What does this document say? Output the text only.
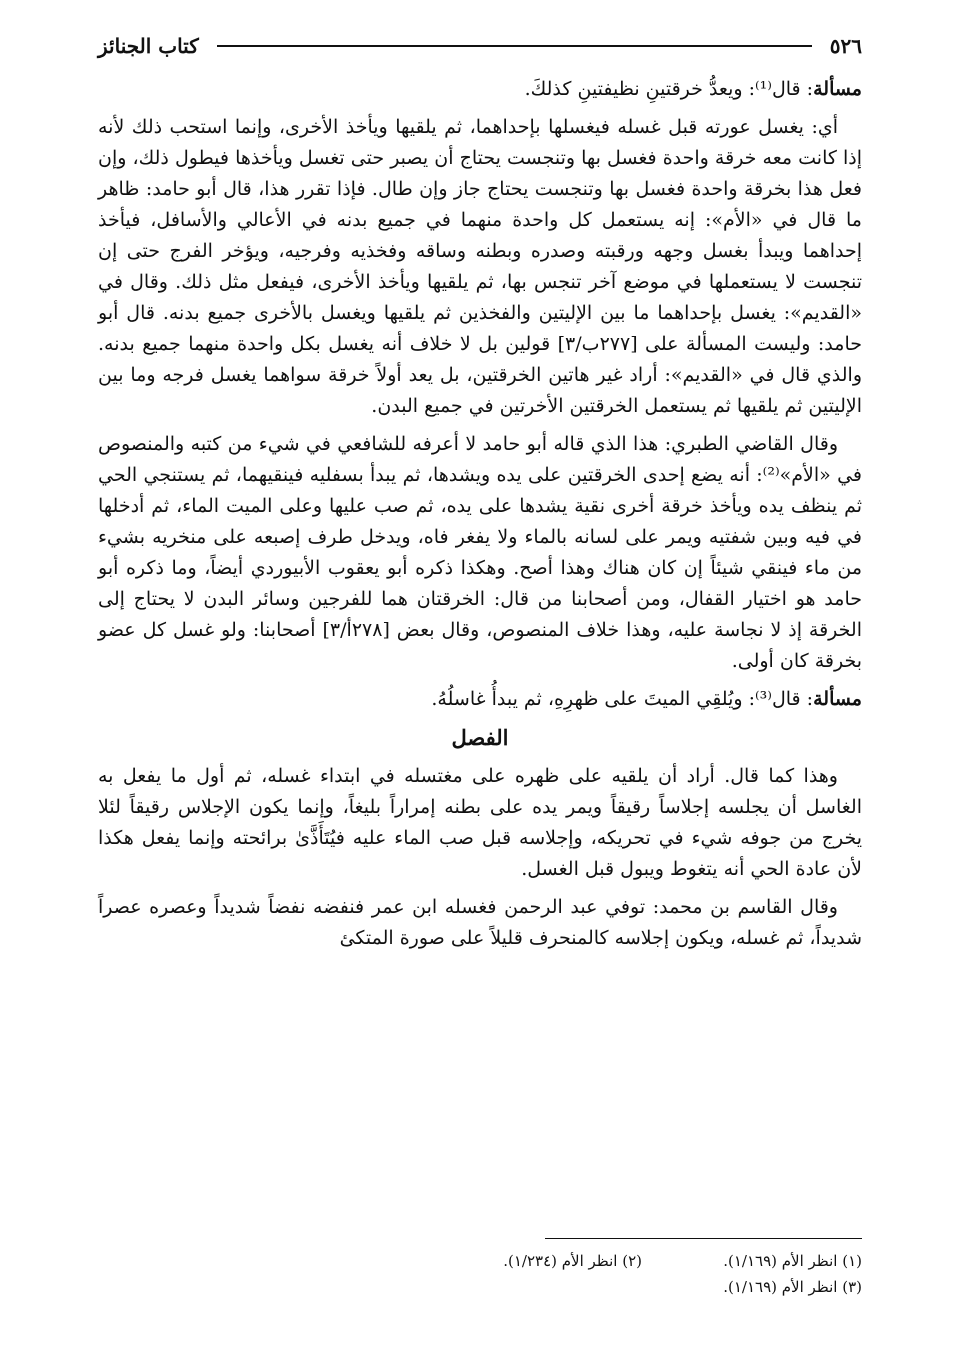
٥٢٦
كتاب الجنائز

مسألة: قال⁽¹⁾: ويعدُّ خرقتينِ نظيفتينِ كذلكَ.

أي: يغسل عورته قبل غسله فيغسلها بإحداهما، ثم يلقيها ويأخذ الأخرى، وإنما استحب ذلك لأنه إذا كانت معه خرقة واحدة فغسل بها وتنجست يحتاج أن يصبر حتى تغسل ويأخذها فيطول ذلك، وإن فعل هذا بخرقة واحدة فغسل بها وتنجست يحتاج جاز وإن طال. فإذا تقرر هذا، قال أبو حامد: ظاهر ما قال في «الأم»: إنه يستعمل كل واحدة منهما في جميع بدنه في الأعالي والأسافل، فيأخذ إحداهما ويبدأ بغسل وجهه ورقبته وصدره وبطنه وساقه وفخذيه وفرجيه، ويؤخر الفرج حتى إن تنجست لا يستعملها في موضع آخر تنجس بها، ثم يلقيها ويأخذ الأخرى، فيفعل مثل ذلك. وقال في «القديم»: يغسل بإحداهما ما بين الإليتين والفخذين ثم يلقيها ويغسل بالأخرى جميع بدنه. قال أبو حامد: وليست المسألة على [٢٧٧ب/٣] قولين بل لا خلاف أنه يغسل بكل واحدة منهما جميع بدنه. والذي قال في «القديم»: أراد غير هاتين الخرقتين، بل يعد أولاً خرقة سواهما يغسل فرجه وما بين الإليتين ثم يلقيها ثم يستعمل الخرقتين الأخرتين في جميع البدن.

وقال القاضي الطبري: هذا الذي قاله أبو حامد لا أعرفه للشافعي في شيء من كتبه والمنصوص في «الأم»⁽²⁾: أنه يضع إحدى الخرقتين على يده ويشدها، ثم يبدأ بسفليه فينقيهما، ثم يستنجي الحي ثم ينظف يده ويأخذ خرقة أخرى نقية يشدها على يده، ثم صب عليها وعلى الميت الماء، ثم أدخلها في فيه وبين شفتيه ويمر على لسانه بالماء ولا يفغر فاه، ويدخل طرف إصبعه على منخريه بشيء من ماء فينقي شيئاً إن كان هناك وهذا أصح. وهكذا ذكره أبو يعقوب الأبيوردي أيضاً، وما ذكره أبو حامد هو اختيار القفال، ومن أصحابنا من قال: الخرقتان هما للفرجين وسائر البدن لا يحتاج إلى الخرقة إذ لا نجاسة عليه، وهذا خلاف المنصوص، وقال بعض [٢٧٨أ/٣] أصحابنا: ولو غسل كل عضو بخرقة كان أولى.

مسألة: قال⁽³⁾: ويُلقِي الميتَ على ظهرِهِ، ثم يبدأُ غاسلُهُ.

الفصل

وهذا كما قال. أراد أن يلقيه على ظهره على مغتسله في ابتداء غسله، ثم أول ما يفعل به الغاسل أن يجلسه إجلاساً رقيقاً ويمر يده على بطنه إمراراً بليغاً، وإنما يكون الإجلاس رقيقاً لئلا يخرج من جوفه شيء في تحريكه، وإجلاسه قبل صب الماء عليه فيُتَأَذَّىٰ برائحته وإنما يفعل هكذا لأن عادة الحي أنه يتغوط ويبول قبل الغسل.

وقال القاسم بن محمد: توفي عبد الرحمن فغسله ابن عمر فنفضه نفضاً شديداً وعصره عصراً شديداً، ثم غسله، ويكون إجلاسه كالمنحرف قليلاً على صورة المتكئ

(١) انظر الأم (١/١٦٩).
(٢) انظر الأم (١/٢٣٤).
(٣) انظر الأم (١/١٦٩).
